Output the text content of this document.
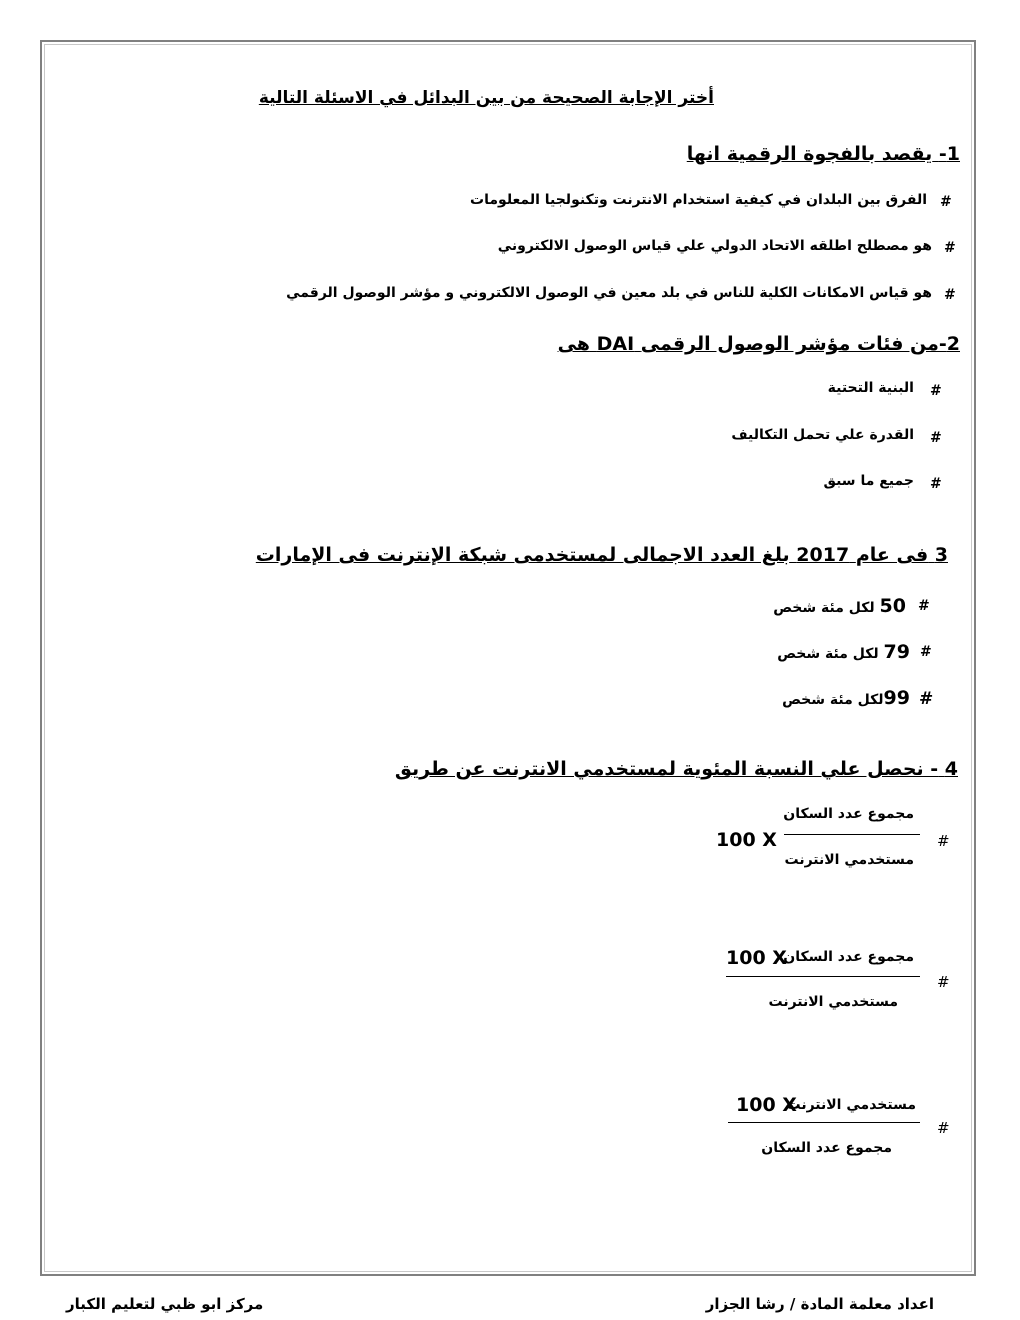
أختر الإجابة الصحيحة من بين البدائل في الاسئلة التالية
1- يقصد بالفجوة الرقمية انها
#
الفرق بين البلدان في كيفية استخدام الانترنت وتكنولجيا المعلومات
#
هو مصطلح اطلقه الاتحاد الدولي علي قياس الوصول الالكتروني
#
هو قياس الامكانات الكلية للناس في بلد معين في الوصول الالكتروني و مؤشر الوصول الرقمي
2-من فئات مؤشر الوصول الرقمى DAI هى
#
البنية التحتية
#
القدرة علي تحمل التكاليف
#
جميع ما سبق
3 فى عام 2017 بلغ العدد الاجمالى لمستخدمى شبكة الإنترنت فى الإمارات
#
50 لكل مئة شخص
#
79 لكل مئة شخص
#
99لكل مئة شخص
4 - نحصل علي النسبة المئوية لمستخدمي الانترنت عن طريق
#
مجموع عدد السكان
مستخدمي الانترنت
100 X
#
مجموع عدد السكان
100 X
مستخدمي الانترنت
#
مستخدمي الانترنت
100 X
مجموع عدد السكان
اعداد معلمة المادة / رشا الجزار
مركز ابو ظبي لتعليم الكبار
